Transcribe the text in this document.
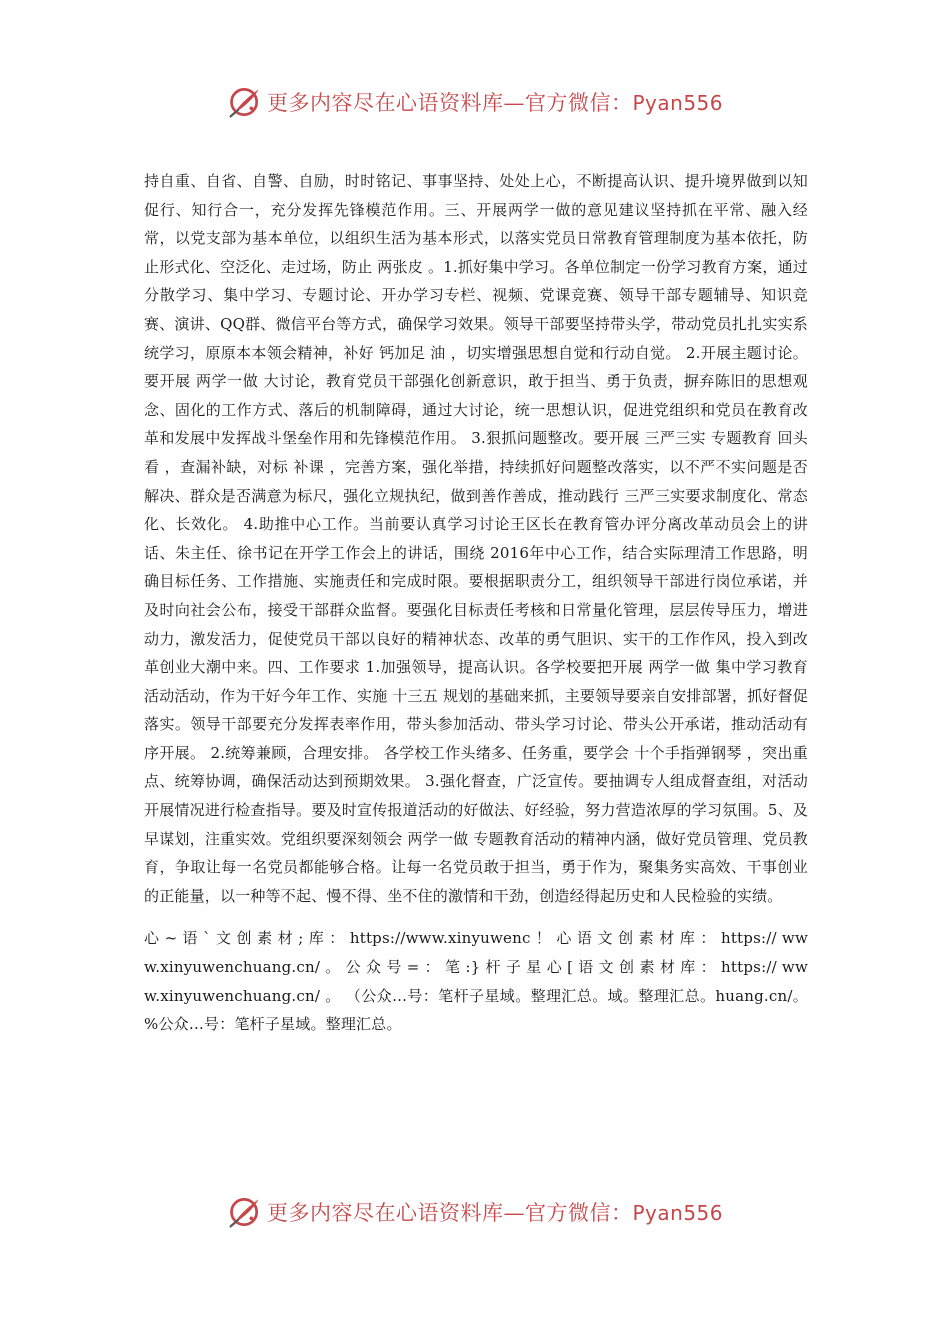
更多内容尽在心语资料库—官方微信：Pyan556

持自重、自省、自警、自励，时时铭记、事事坚持、处处上心，不断提高认识、提升境界做到以知促行、知行合一，充分发挥先锋模范作用。三、开展两学一做的意见建议坚持抓在平常、融入经常，以党支部为基本单位，以组织生活为基本形式，以落实党员日常教育管理制度为基本依托，防止形式化、空泛化、走过场，防止 两张皮 。1.抓好集中学习。各单位制定一份学习教育方案，通过分散学习、集中学习、专题讨论、开办学习专栏、视频、党课竞赛、领导干部专题辅导、知识竞赛、演讲、QQ群、微信平台等方式，确保学习效果。领导干部要坚持带头学，带动党员扎扎实实系统学习，原原本本领会精神，补好 钙加足 油 ，切实增强思想自觉和行动自觉。 2.开展主题讨论。要开展 两学一做 大讨论，教育党员干部强化创新意识，敢于担当、勇于负责，摒弃陈旧的思想观念、固化的工作方式、落后的机制障碍，通过大讨论，统一思想认识，促进党组织和党员在教育改革和发展中发挥战斗堡垒作用和先锋模范作用。 3.狠抓问题整改。要开展 三严三实 专题教育 回头看 ，查漏补缺，对标 补课 ，完善方案，强化举措，持续抓好问题整改落实，以不严不实问题是否解决、群众是否满意为标尺，强化立规执纪，做到善作善成，推动践行 三严三实要求制度化、常态化、长效化。 4.助推中心工作。当前要认真学习讨论王区长在教育管办评分离改革动员会上的讲话、朱主任、徐书记在开学工作会上的讲话，围绕 2016年中心工作，结合实际理清工作思路，明确目标任务、工作措施、实施责任和完成时限。要根据职责分工，组织领导干部进行岗位承诺，并及时向社会公布，接受干部群众监督。要强化目标责任考核和日常量化管理，层层传导压力，增进动力，激发活力，促使党员干部以良好的精神状态、改革的勇气胆识、实干的工作作风，投入到改革创业大潮中来。四、工作要求 1.加强领导，提高认识。各学校要把开展 两学一做 集中学习教育活动活动，作为干好今年工作、实施 十三五 规划的基础来抓，主要领导要亲自安排部署，抓好督促落实。领导干部要充分发挥表率作用，带头参加活动、带头学习讨论、带头公开承诺，推动活动有序开展。 2.统筹兼顾，合理安排。 各学校工作头绪多、任务重，要学会 十个手指弹钢琴 ，突出重点、统筹协调，确保活动达到预期效果。 3.强化督查，广泛宣传。要抽调专人组成督查组，对活动开展情况进行检查指导。要及时宣传报道活动的好做法、好经验，努力营造浓厚的学习氛围。5、及早谋划，注重实效。党组织要深刻领会 两学一做 专题教育活动的精神内涵，做好党员管理、党员教育，争取让每一名党员都能够合格。让每一名党员敢于担当，勇于作为，聚集务实高效、干事创业的正能量，以一种等不起、慢不得、坐不住的激情和干劲，创造经得起历史和人民检验的实绩。

心 ~ 语 ` 文 创 素 材 ; 库 ： https://www.xinyuwenc ！ 心 语 文 创 素 材 库 ： https:// www.xinyuwenchuang.cn/ 。 公 众 号 = ： 笔 :} 杆 子 星 心 [ 语 文 创 素 材 库 ： https:// www.xinyuwenchuang.cn/ 。 （公众…号：笔杆子星域。整理汇总。域。整理汇总。huang.cn/。%公众…号：笔杆子星域。整理汇总。

更多内容尽在心语资料库—官方微信：Pyan556
